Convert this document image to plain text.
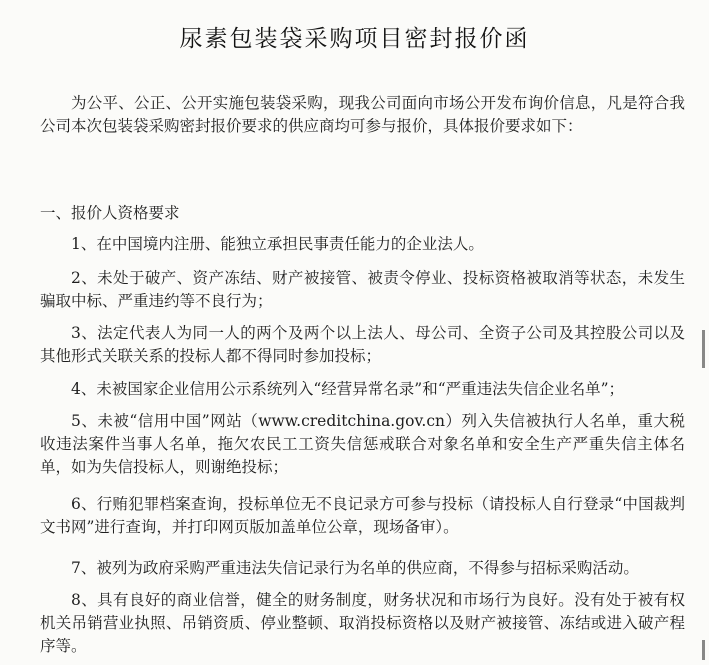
尿素包装袋采购项目密封报价函

为公平、公正、公开实施包装袋采购，现我公司面向市场公开发布询价信息，凡是符合我公司本次包装袋采购密封报价要求的供应商均可参与报价，具体报价要求如下：

一、报价人资格要求

1、在中国境内注册、能独立承担民事责任能力的企业法人。

2、未处于破产、资产冻结、财产被接管、被责令停业、投标资格被取消等状态，未发生骗取中标、严重违约等不良行为；

3、法定代表人为同一人的两个及两个以上法人、母公司、全资子公司及其控股公司以及其他形式关联关系的投标人都不得同时参加投标；

4、未被国家企业信用公示系统列入“经营异常名录”和“严重违法失信企业名单”；

5、未被“信用中国”网站（www.creditchina.gov.cn）列入失信被执行人名单，重大税收违法案件当事人名单，拖欠农民工工资失信惩戒联合对象名单和安全生产严重失信主体名单，如为失信投标人，则谢绝投标；

6、行贿犯罪档案查询，投标单位无不良记录方可参与投标（请投标人自行登录“中国裁判文书网”进行查询，并打印网页版加盖单位公章，现场备审）。

7、被列为政府采购严重违法失信记录行为名单的供应商，不得参与招标采购活动。

8、具有良好的商业信誉，健全的财务制度，财务状况和市场行为良好。没有处于被有权机关吊销营业执照、吊销资质、停业整顿、取消投标资格以及财产被接管、冻结或进入破产程序等。
